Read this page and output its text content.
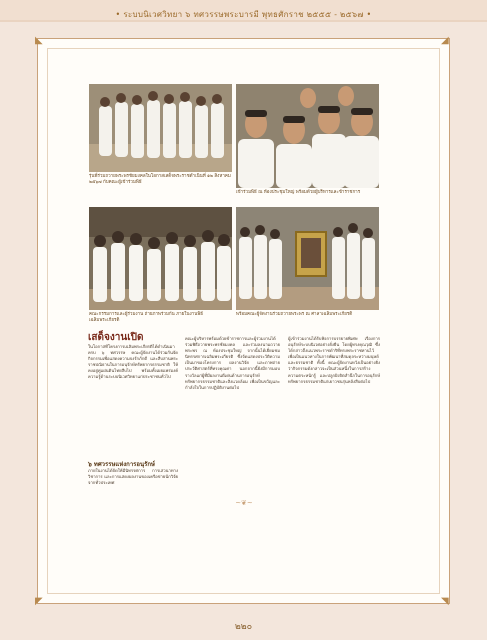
• ระบบนิเวศวิทยา ๖ ทศวรรษพระบารมี พุทธศักราช ๒๕๕๕ - ๒๕๖๗ •
◣	◢
◤	◥
รุ่นพี่ร่วมถวายพระพรชัยมงคลในโอกาสเสด็จพระราชดำเนินที่ ๑๒ สิงหาคม ๒๕๖๗ กับคณะผู้เข้าร่วมพิธี
เข้าร่วมพิธี ณ ห้องประชุมใหญ่ พร้อมด้วยผู้บริหารและข้าราชการ
คณะกรรมการและผู้ร่วมงาน ถ่ายภาพร่วมกัน ภายในงานพิธีเฉลิมพระเกียรติ
พร้อมคณะผู้จัดงานร่วมถวายพระพร ณ ศาลาเฉลิมพระเกียรติ
เสด็จงานเปิด
ในโอกาสที่โครงการเฉลิมพระเกียรติได้ดำเนินมาครบ ๖ ทศวรรษ คณะผู้จัดงานได้ร่วมกันจัดกิจกรรมเพื่อแสดงความจงรักภักดี และสืบสานพระราชปณิธานในการอนุรักษ์ทรัพยากรธรรมชาติ ให้คงอยู่คู่แผ่นดินไทยสืบไป พร้อมทั้งเผยแพร่องค์ความรู้ด้านระบบนิเวศวิทยาแก่ประชาชนทั่วไป
๖ ทศวรรษแห่งการอนุรักษ์
ภายในงานได้จัดให้มีนิทรรศการ การเสวนาทางวิชาการ และการแสดงผลงานของเครือข่ายนักวิจัยจากทั่วประเทศ
คณะผู้บริหารพร้อมด้วยข้าราชการและผู้ร่วมงานได้ร่วมพิธีถวายพระพรชัยมงคล และร่วมลงนามถวายพระพร ณ ห้องประชุมใหญ่ จากนั้นได้เยี่ยมชมนิทรรศการเฉลิมพระเกียรติ ซึ่งจัดแสดงประวัติความเป็นมาของโครงการ ผลงานวิจัย และภาพถ่ายประวัติศาสตร์ที่ทรงคุณค่า นอกจากนี้ยังมีการมอบรางวัลแก่ผู้ที่มีผลงานดีเด่นด้านการอนุรักษ์ทรัพยากรธรรมชาติและสิ่งแวดล้อม เพื่อเป็นขวัญและกำลังใจในการปฏิบัติงานต่อไป
ผู้เข้าร่วมงานได้รับฟังการบรรยายพิเศษ เรื่องการอนุรักษ์ระบบนิเวศอย่างยั่งยืน โดยผู้ทรงคุณวุฒิ ซึ่งได้กล่าวถึงแนวพระราชดำริที่ทรงพระราชทานไว้ เพื่อเป็นแนวทางในการพัฒนาที่สมดุลระหว่างมนุษย์และธรรมชาติ ทั้งนี้ คณะผู้จัดงานหวังเป็นอย่างยิ่งว่ากิจกรรมดังกล่าวจะเป็นส่วนหนึ่งในการสร้างความตระหนักรู้ และปลูกฝังจิตสำนึกในการอนุรักษ์ทรัพยากรธรรมชาติแก่เยาวชนรุ่นหลังสืบต่อไป
~❦~
๒๒๐
